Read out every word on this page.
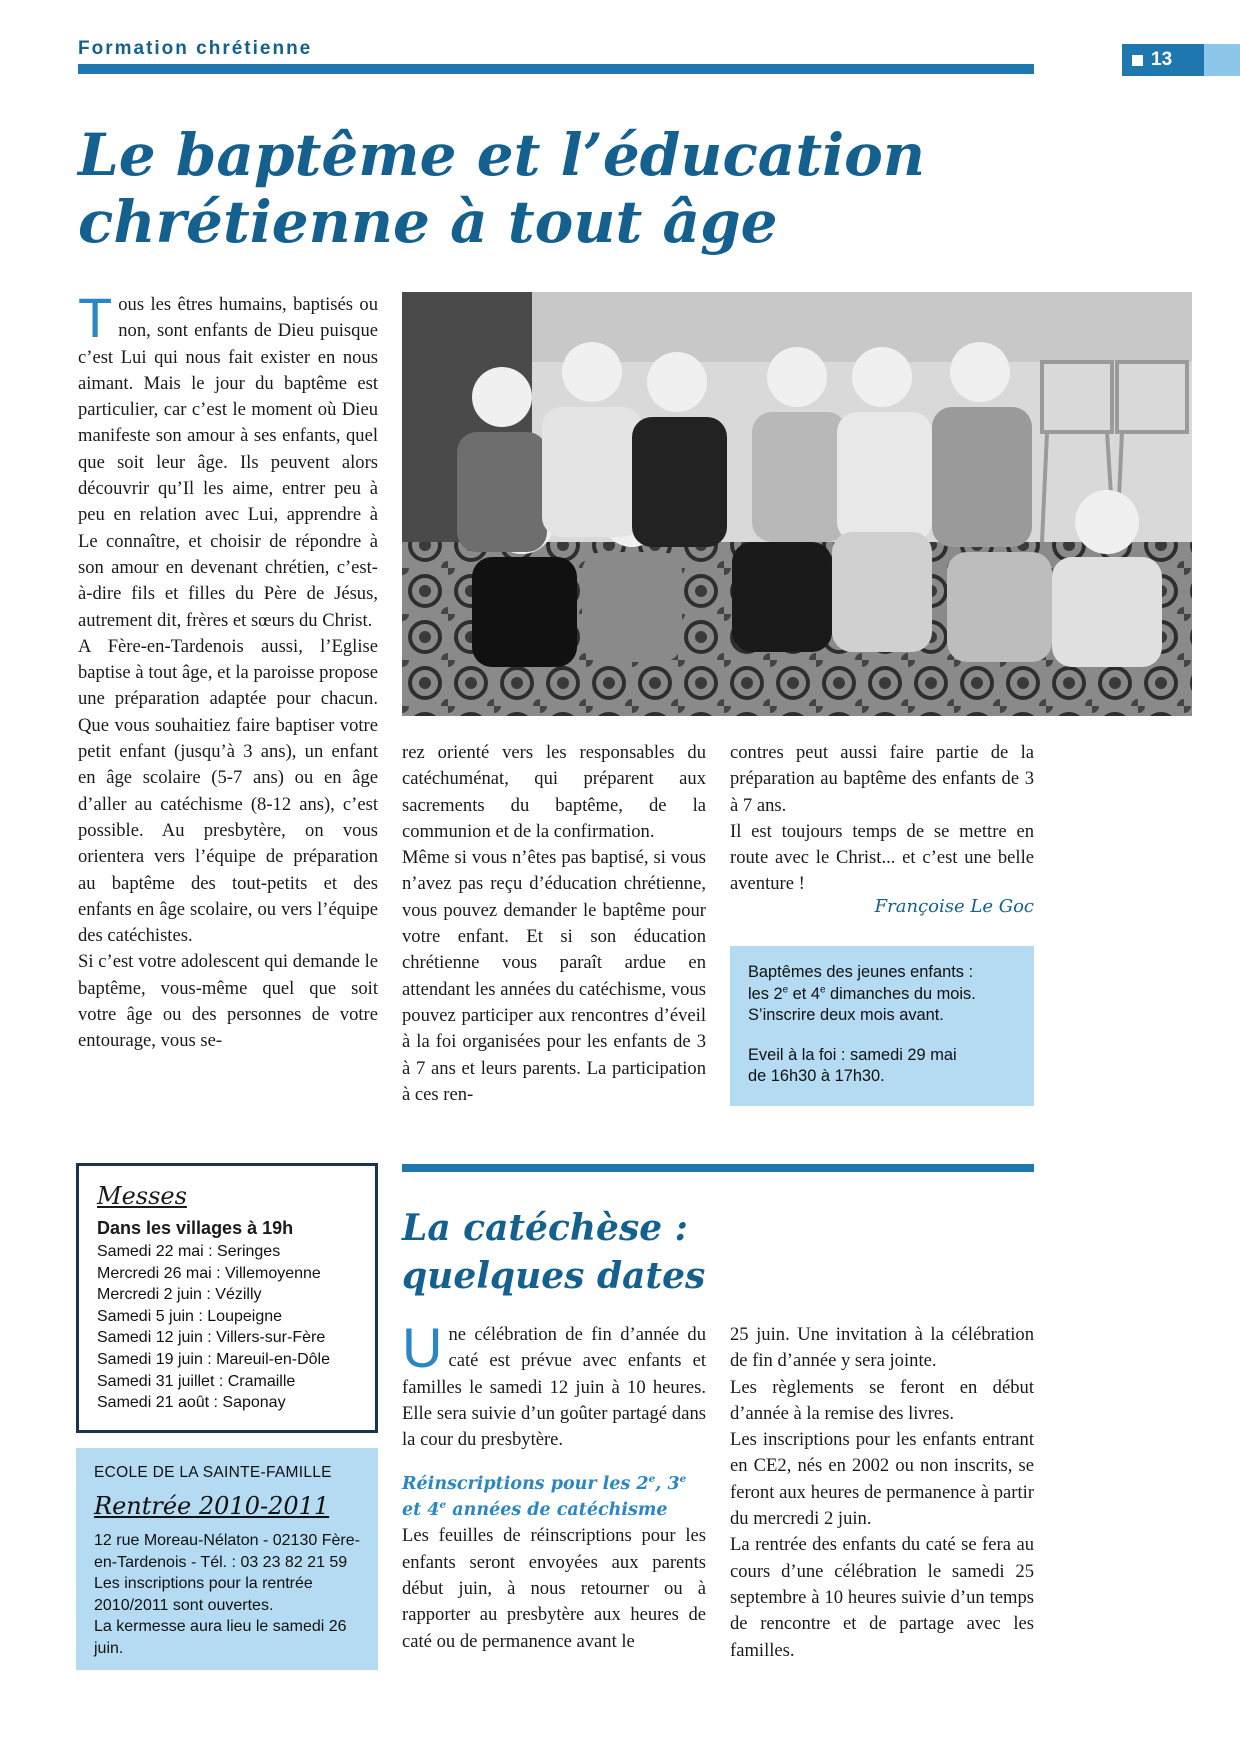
Formation chrétienne
13
Le baptême et l’éducation
chrétienne à tout âge

Tous les êtres humains, baptisés ou non, sont enfants de Dieu puisque c’est Lui qui nous fait exister en nous aimant. Mais le jour du baptême est particulier, car c’est le moment où Dieu manifeste son amour à ses enfants, quel que soit leur âge. Ils peuvent alors découvrir qu’Il les aime, entrer peu à peu en relation avec Lui, apprendre à Le connaître, et choisir de répondre à son amour en devenant chrétien, c’est-à-dire fils et filles du Père de Jésus, autrement dit, frères et sœurs du Christ.

A Fère-en-Tardenois aussi, l’Eglise baptise à tout âge, et la paroisse propose une préparation adaptée pour chacun. Que vous souhaitiez faire baptiser votre petit enfant (jusqu’à 3 ans), un enfant en âge scolaire (5-7 ans) ou en âge d’aller au catéchisme (8-12 ans), c’est possible. Au presbytère, on vous orientera vers l’équipe de préparation au baptême des tout-petits et des enfants en âge scolaire, ou vers l’équipe des catéchistes.

Si c’est votre adolescent qui demande le baptême, vous-même quel que soit votre âge ou des personnes de votre entourage, vous se-

rez orienté vers les responsables du catéchuménat, qui préparent aux sacrements du baptême, de la communion et de la confirmation.

Même si vous n’êtes pas baptisé, si vous n’avez pas reçu d’éducation chrétienne, vous pouvez demander le baptême pour votre enfant. Et si son éducation chrétienne vous paraît ardue en attendant les années du catéchisme, vous pouvez participer aux rencontres d’éveil à la foi organisées pour les enfants de 3 à 7 ans et leurs parents. La participation à ces ren-

contres peut aussi faire partie de la préparation au baptême des enfants de 3 à 7 ans.

Il est toujours temps de se mettre en route avec le Christ... et c’est une belle aventure !

Françoise Le Goc
Baptêmes des jeunes enfants :
les 2e et 4e dimanches du mois.
S’inscrire deux mois avant.
Eveil à la foi : samedi 29 mai
de 16h30 à 17h30.
Messes
Dans les villages à 19h
Samedi 22 mai : Seringes
Mercredi 26 mai : Villemoyenne
Mercredi 2 juin : Vézilly
Samedi 5 juin : Loupeigne
Samedi 12 juin : Villers-sur-Fère
Samedi 19 juin : Mareuil-en-Dôle
Samedi 31 juillet : Cramaille
Samedi 21 août : Saponay
ECOLE DE LA SAINTE-FAMILLE
Rentrée 2010-2011
12 rue Moreau-Nélaton - 02130 Fère-en-Tardenois - Tél. : 03 23 82 21 59
Les inscriptions pour la rentrée 2010/2011 sont ouvertes.
La kermesse aura lieu le samedi 26 juin.
La catéchèse :
quelques dates

Une célébration de fin d’année du caté est prévue avec enfants et familles le samedi 12 juin à 10 heures. Elle sera suivie d’un goûter partagé dans la cour du presbytère.

Réinscriptions pour les 2e, 3e
et 4e années de catéchisme

Les feuilles de réinscriptions pour les enfants seront envoyées aux parents début juin, à nous retourner ou à rapporter au presbytère aux heures de caté ou de permanence avant le

25 juin. Une invitation à la célébration de fin d’année y sera jointe.

Les règlements se feront en début d’année à la remise des livres.

Les inscriptions pour les enfants entrant en CE2, nés en 2002 ou non inscrits, se feront aux heures de permanence à partir du mercredi 2 juin.

La rentrée des enfants du caté se fera au cours d’une célébration le samedi 25 septembre à 10 heures suivie d’un temps de rencontre et de partage avec les familles.
